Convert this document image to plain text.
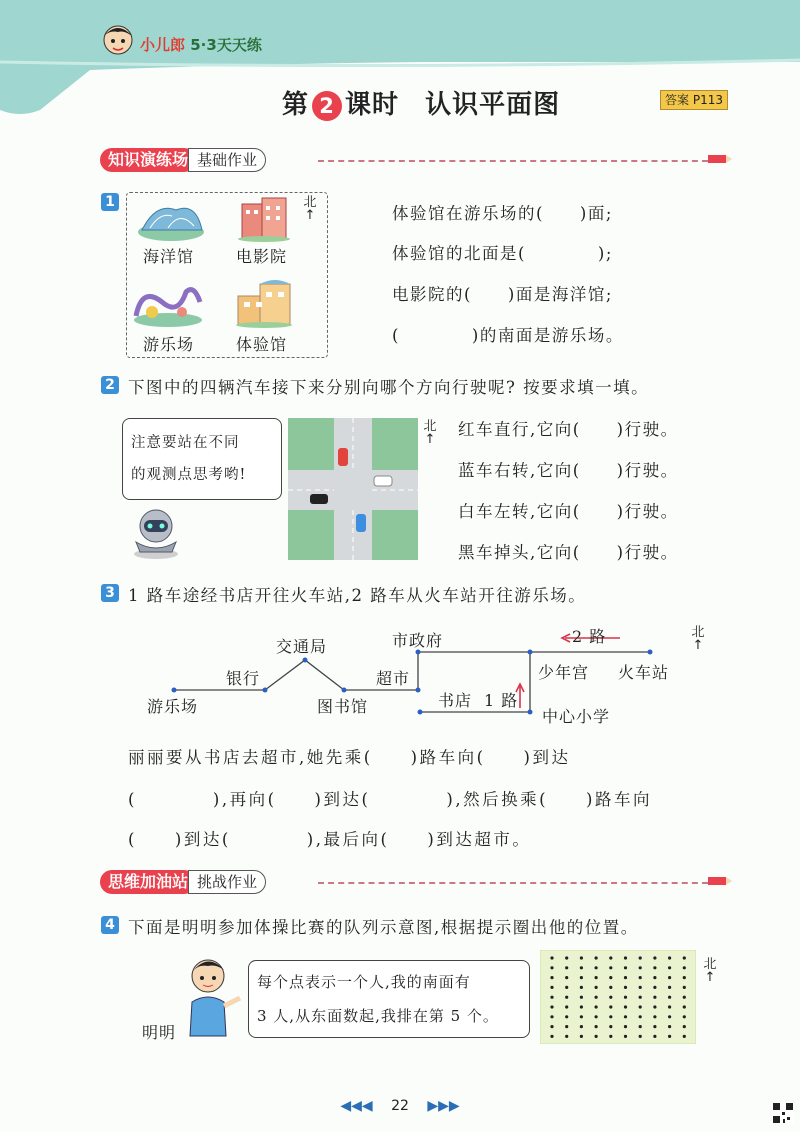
小儿郎 5·3天天练
第 2 课时 认识平面图	答案 P113
知识演练场 基础作业
1
海洋馆	电影院
游乐场	体验馆
北
↑	体验馆在游乐场的(　　)面;
体验馆的北面是(　　　　);
电影院的(　　)面是海洋馆;
(　　　　)的南面是游乐场。
2 下图中的四辆汽车接下来分别向哪个方向行驶呢? 按要求填一填。
注意要站在不同
的观测点思考哟!
北
↑
红车直行,它向(　　)行驶。
蓝车右转,它向(　　)行驶。
白车左转,它向(　　)行驶。
黑车掉头,它向(　　)行驶。
3 1 路车途经书店开往火车站,2 路车从火车站开往游乐场。
游乐场
银行
交通局
图书馆
超市
市政府
书店 1 路
2 路
少年宫 火车站
中心小学
北
↑
丽丽要从书店去超市,她先乘(　　)路车向(　　)到达
(　　　　),再向(　　)到达(　　　　),然后换乘(　　)路车向
(　　)到达(　　　　),最后向(　　)到达超市。
思维加油站 挑战作业
4 下面是明明参加体操比赛的队列示意图,根据提示圈出他的位置。
明明
每个点表示一个人,我的南面有
3 人,从东面数起,我排在第 5 个。
北
↑
◀◀◀ 22 ▶▶▶
